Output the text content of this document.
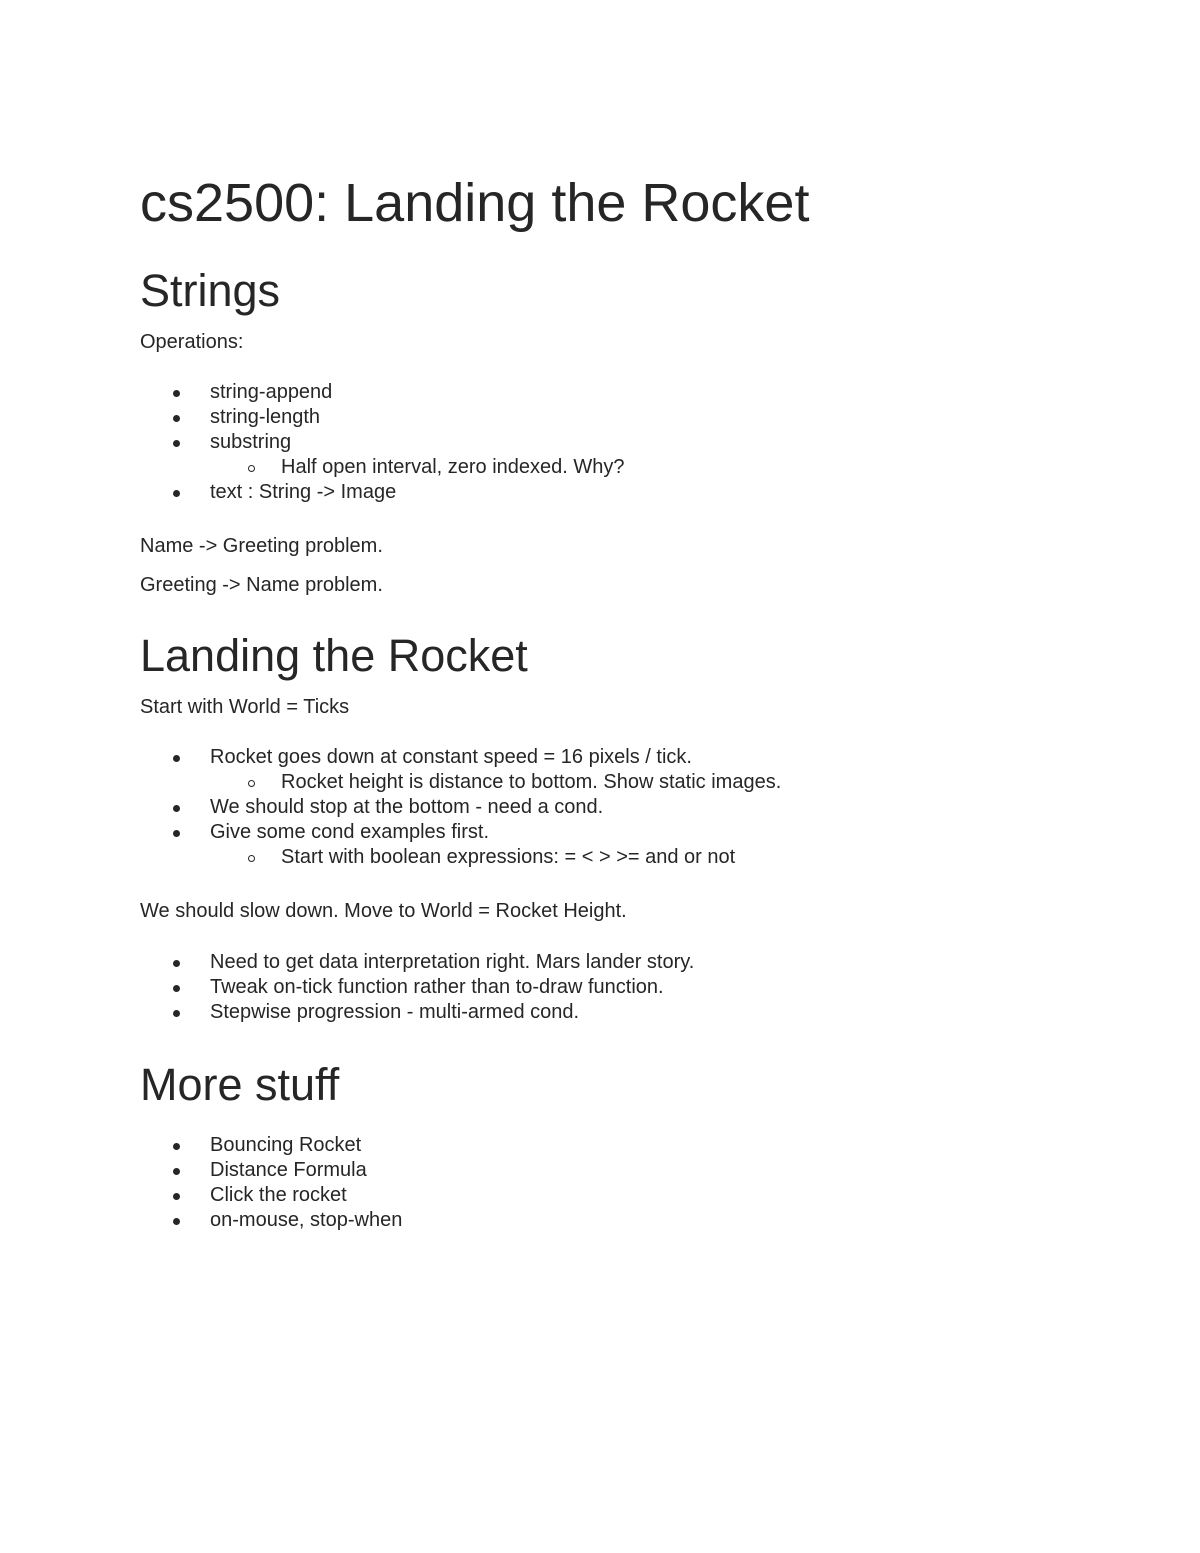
cs2500: Landing the Rocket
Strings
Operations:
string-append
string-length
substring
Half open interval, zero indexed. Why?
text : String -> Image
Name -> Greeting problem.
Greeting -> Name problem.
Landing the Rocket
Start with World = Ticks
Rocket goes down at constant speed = 16 pixels / tick.
Rocket height is distance to bottom. Show static images.
We should stop at the bottom - need a cond.
Give some cond examples first.
Start with boolean expressions: = < > >= and or not
We should slow down. Move to World = Rocket Height.
Need to get data interpretation right. Mars lander story.
Tweak on-tick function rather than to-draw function.
Stepwise progression - multi-armed cond.
More stuff
Bouncing Rocket
Distance Formula
Click the rocket
on-mouse, stop-when
